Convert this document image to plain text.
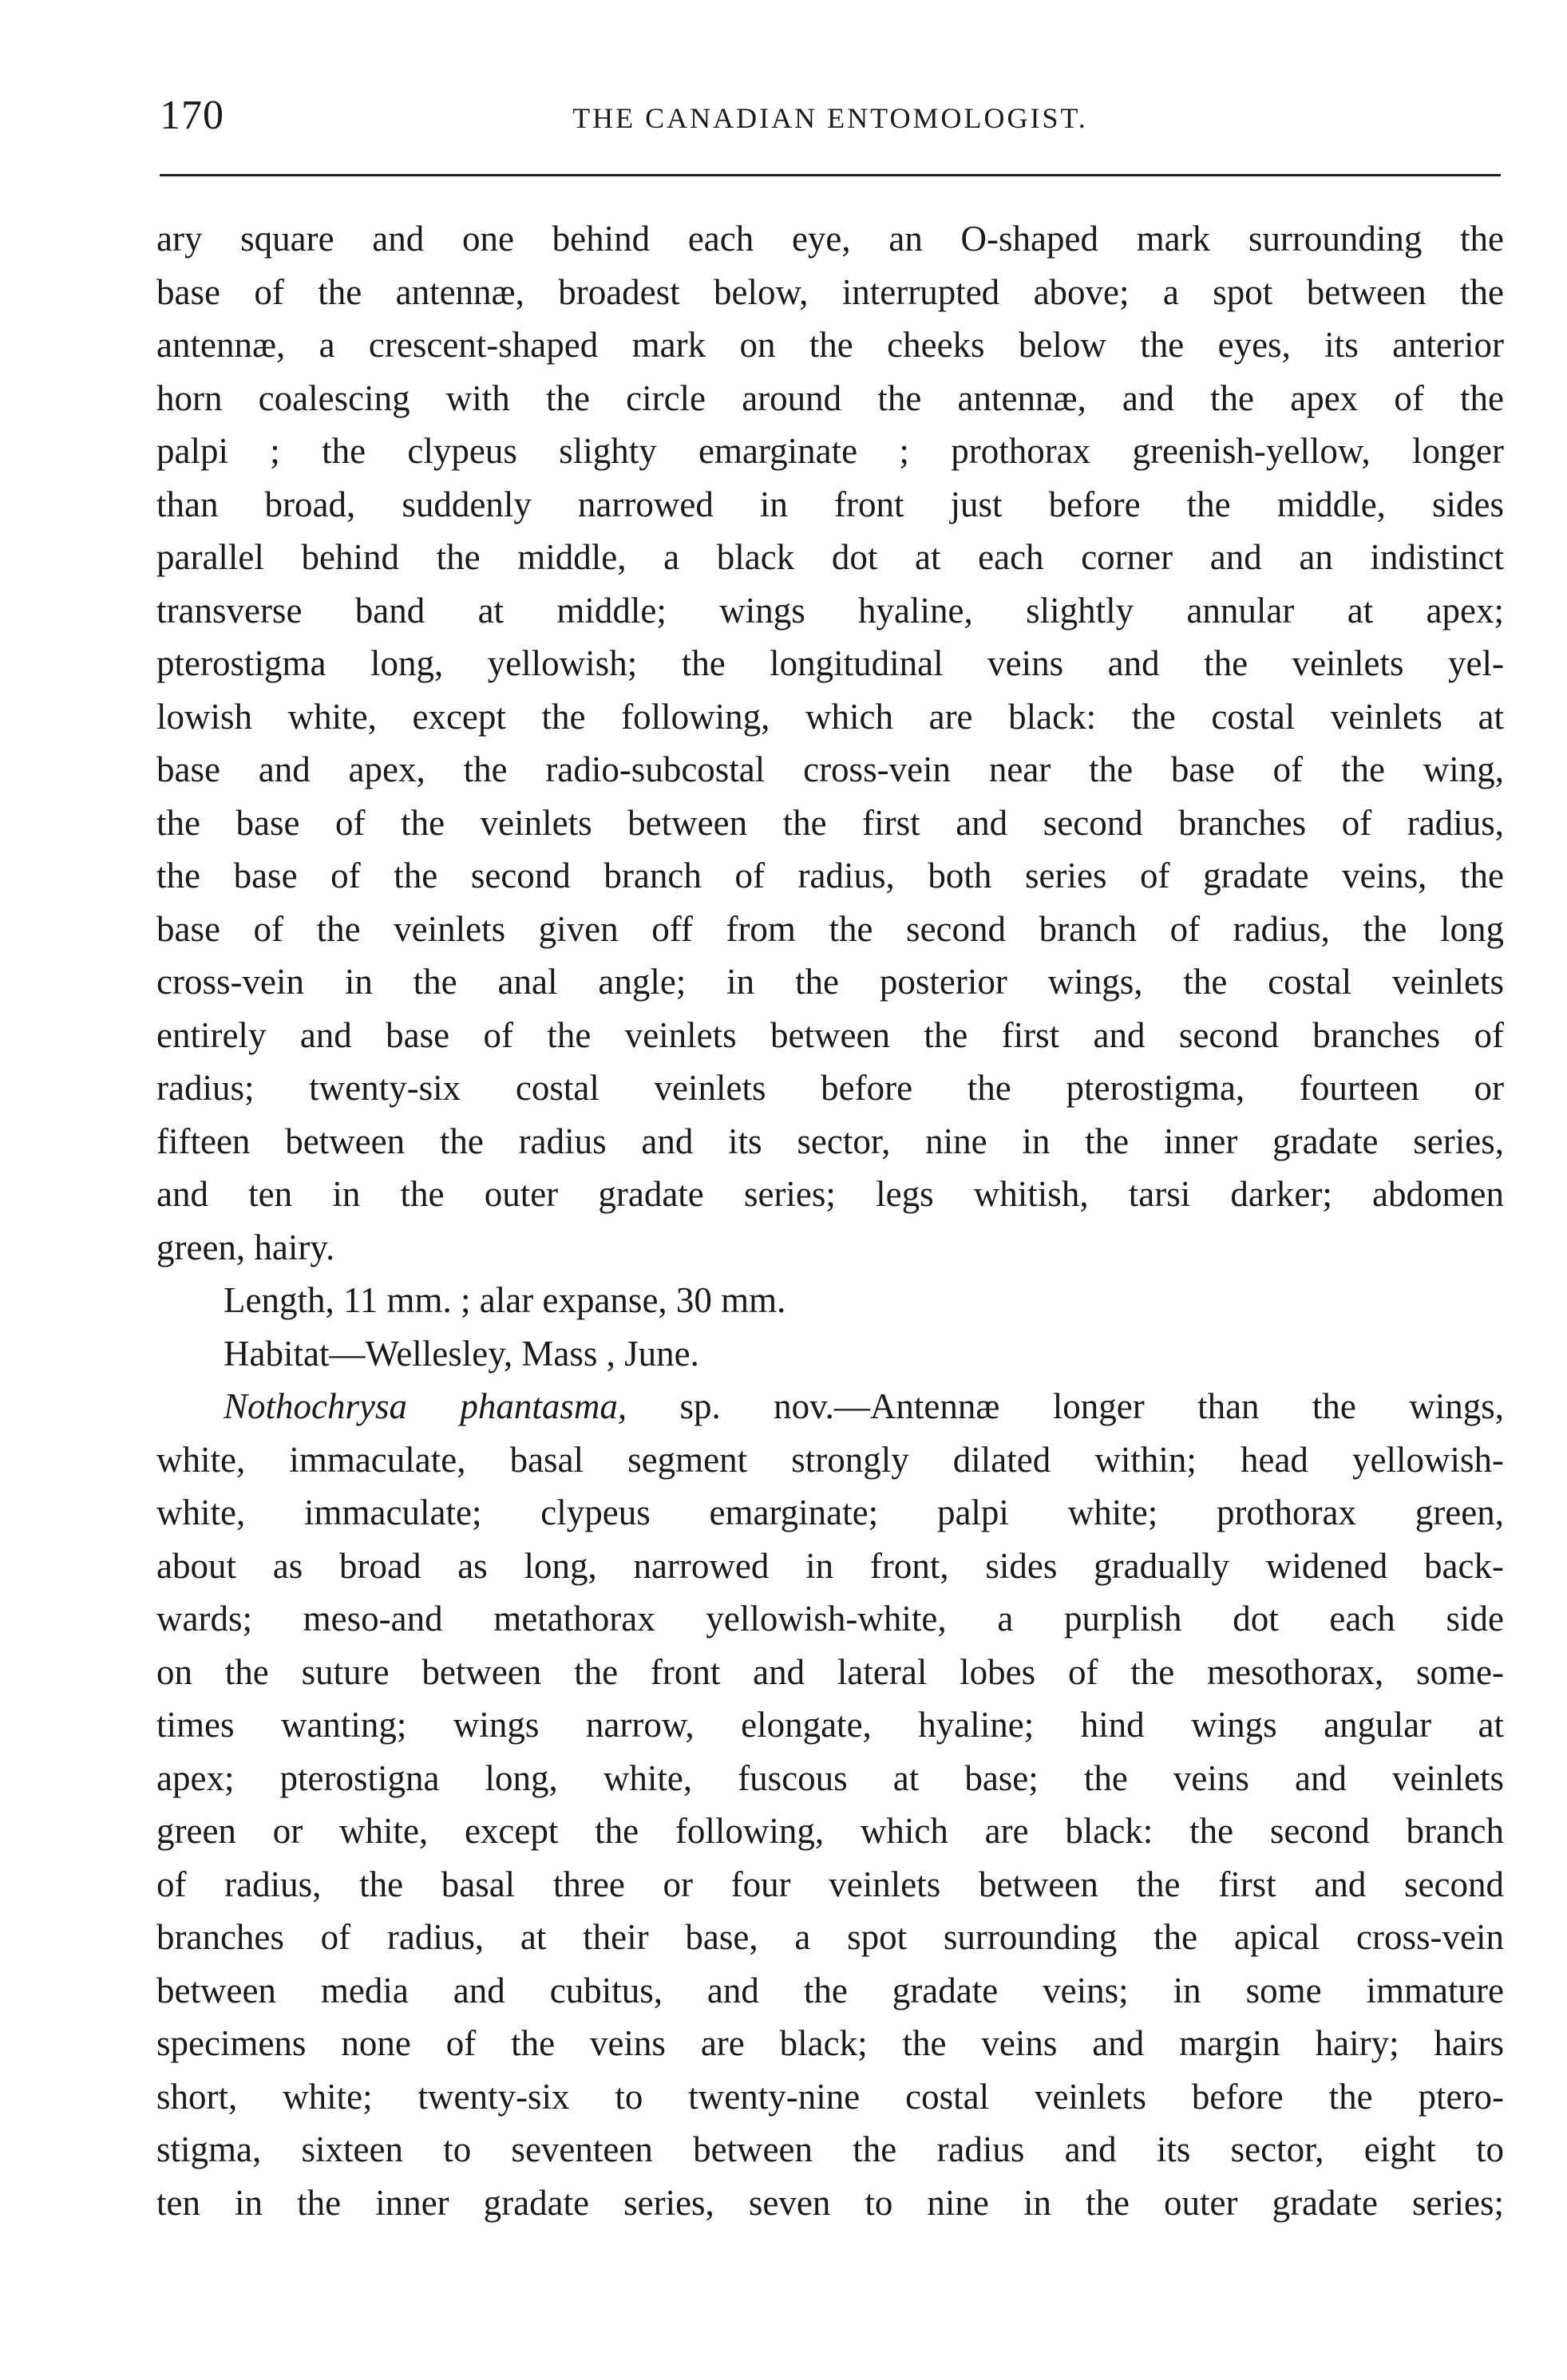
170	THE CANADIAN ENTOMOLOGIST.
ary square and one behind each eye, an O-shaped mark surrounding the
base of the antennæ, broadest below, interrupted above; a spot between the
antennæ, a crescent-shaped mark on the cheeks below the eyes, its anterior
horn coalescing with the circle around the antennæ, and the apex of the
palpi ; the clypeus slighty emarginate ; prothorax greenish-yellow, longer
than broad, suddenly narrowed in front just before the middle, sides
parallel behind the middle, a black dot at each corner and an indistinct
transverse band at middle; wings hyaline, slightly annular at apex;
pterostigma long, yellowish; the longitudinal veins and the veinlets yel-
lowish white, except the following, which are black: the costal veinlets at
base and apex, the radio-subcostal cross-vein near the base of the wing,
the base of the veinlets between the first and second branches of radius,
the base of the second branch of radius, both series of gradate veins, the
base of the veinlets given off from the second branch of radius, the long
cross-vein in the anal angle; in the posterior wings, the costal veinlets
entirely and base of the veinlets between the first and second branches of
radius; twenty-six costal veinlets before the pterostigma, fourteen or
fifteen between the radius and its sector, nine in the inner gradate series,
and ten in the outer gradate series; legs whitish, tarsi darker; abdomen
green, hairy.
Length, 11 mm. ; alar expanse, 30 mm.
Habitat—Wellesley, Mass , June.
Nothochrysa phantasma, sp. nov.—Antennæ longer than the wings,
white, immaculate, basal segment strongly dilated within; head yellowish-
white, immaculate; clypeus emarginate; palpi white; prothorax green,
about as broad as long, narrowed in front, sides gradually widened back-
wards; meso-and metathorax yellowish-white, a purplish dot each side
on the suture between the front and lateral lobes of the mesothorax, some-
times wanting; wings narrow, elongate, hyaline; hind wings angular at
apex; pterostigna long, white, fuscous at base; the veins and veinlets
green or white, except the following, which are black: the second branch
of radius, the basal three or four veinlets between the first and second
branches of radius, at their base, a spot surrounding the apical cross-vein
between media and cubitus, and the gradate veins; in some immature
specimens none of the veins are black; the veins and margin hairy; hairs
short, white; twenty-six to twenty-nine costal veinlets before the ptero-
stigma, sixteen to seventeen between the radius and its sector, eight to
ten in the inner gradate series, seven to nine in the outer gradate series;
